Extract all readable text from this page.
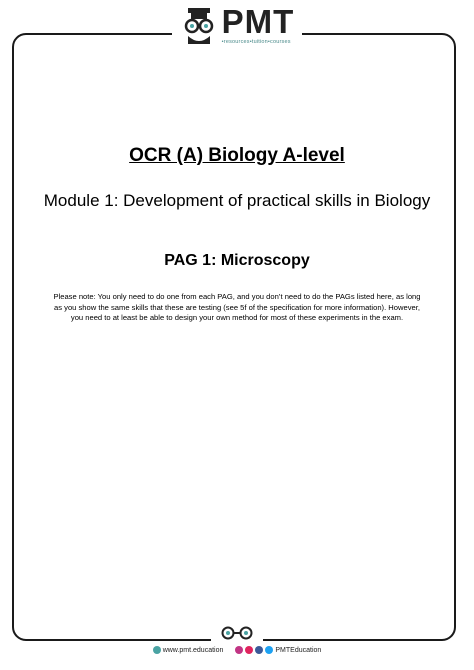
PMT
•resources•tuition•courses
OCR (A) Biology A-level
Module 1: Development of practical skills in Biology
PAG 1: Microscopy
Please note: You only need to do one from each PAG, and you don’t need to do the PAGs listed here, as long as you show the same skills that these are testing (see 5f of the specification for more information). However, you need to at least be able to design your own method for most of these experiments in the exam.
www.pmt.education	PMTEducation
